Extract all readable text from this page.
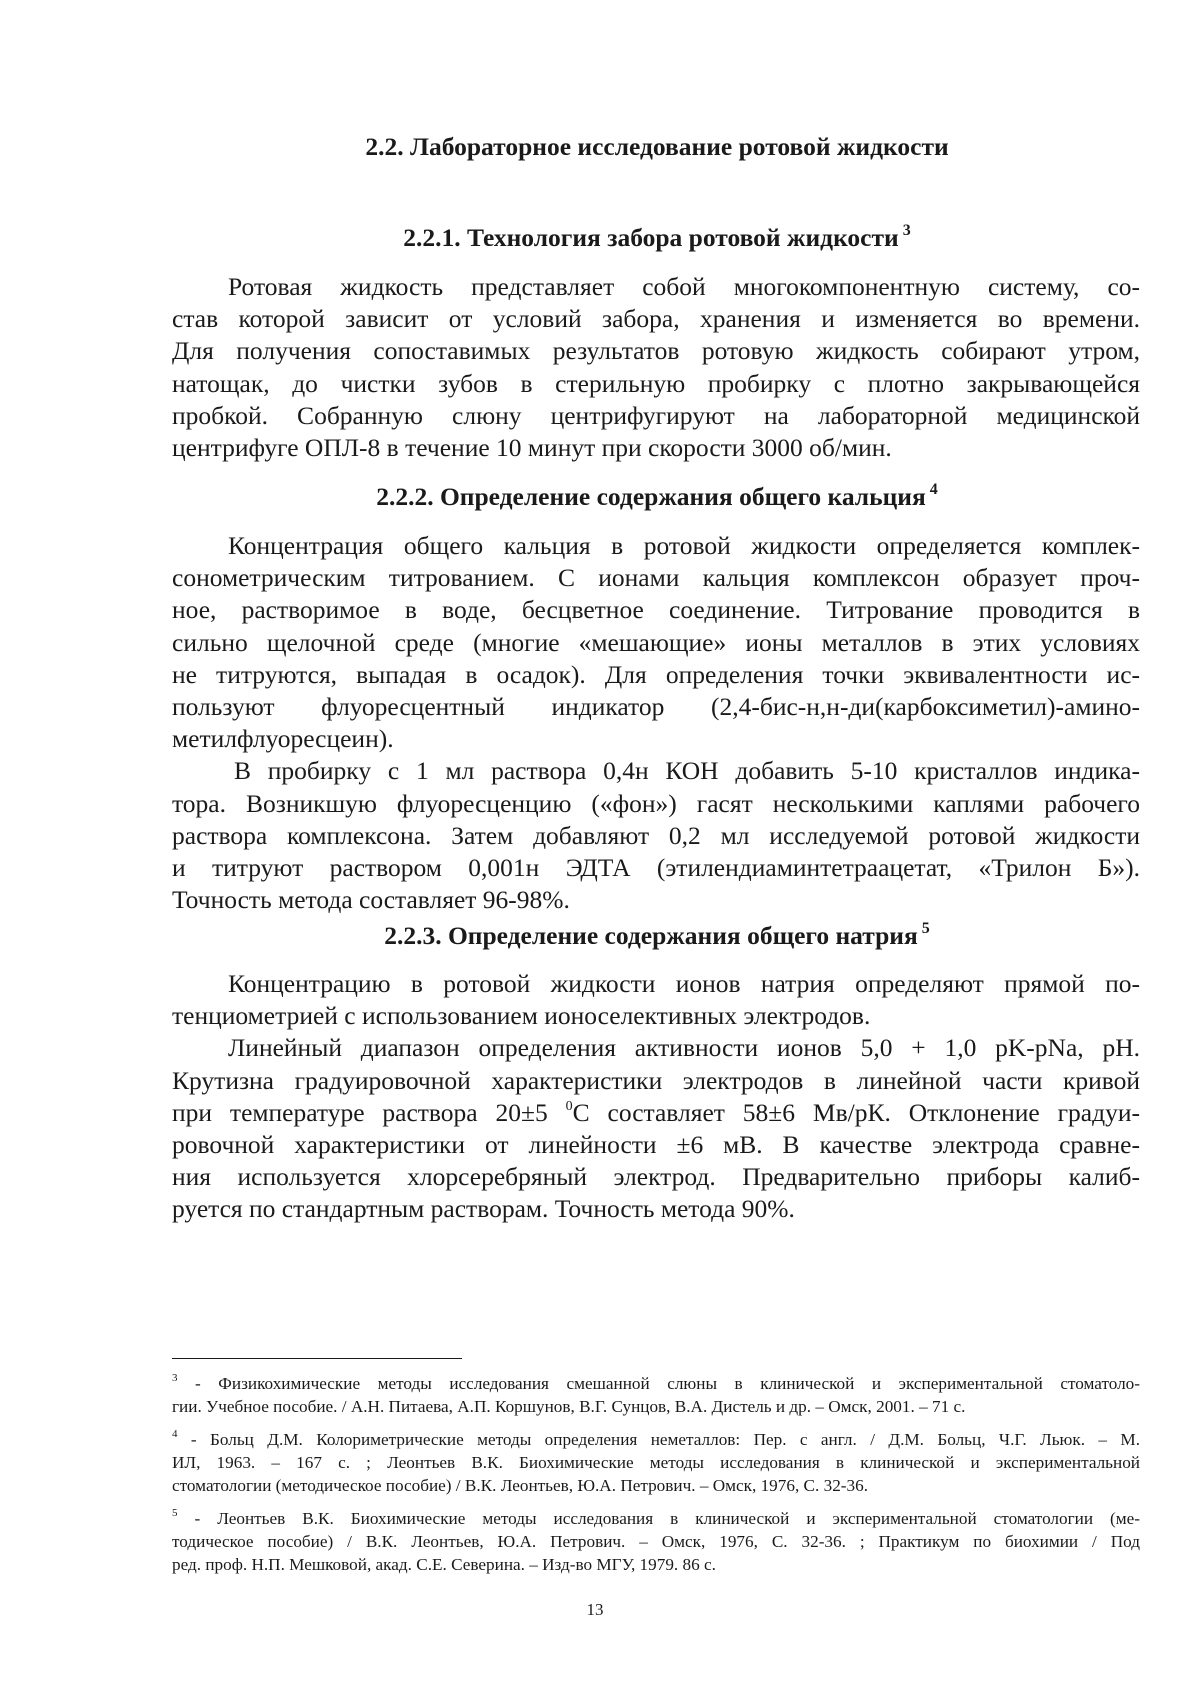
2.2. Лабораторное исследование ротовой жидкости
2.2.1. Технология забора ротовой жидкости $^3$
Ротовая жидкость представляет собой многокомпонентную систему, со-
став которой зависит от условий забора, хранения и изменяется во времени.
Для получения сопоставимых результатов ротовую жидкость собирают утром,
натощак, до чистки зубов в стерильную пробирку с плотно закрывающейся
пробкой. Собранную слюну центрифугируют на лабораторной медицинской
центрифуге ОПЛ-8 в течение 10 минут при скорости 3000 об/мин.
2.2.2. Определение содержания общего кальция $^4$
Концентрация общего кальция в ротовой жидкости определяется комплек-
сонометрическим титрованием. С ионами кальция комплексон образует проч-
ное, растворимое в воде, бесцветное соединение. Титрование проводится в
сильно щелочной среде (многие «мешающие» ионы металлов в этих условиях
не титруются, выпадая в осадок). Для определения точки эквивалентности ис-
пользуют флуоресцентный индикатор (2,4-бис-н,н-ди(карбоксиметил)-амино-
метилфлуоресцеин).
В пробирку с 1 мл раствора 0,4н КОН добавить 5-10 кристаллов индика-
тора. Возникшую флуоресценцию («фон») гасят несколькими каплями рабочего
раствора комплексона. Затем добавляют 0,2 мл исследуемой ротовой жидкости
и титруют раствором 0,001н ЭДТА (этилендиаминтетраацетат, «Трилон Б»).
Точность метода составляет 96-98%.
2.2.3. Определение содержания общего натрия $^5$
Концентрацию в ротовой жидкости ионов натрия определяют прямой по-
тенциометрией с использованием ионоселективных электродов.
Линейный диапазон определения активности ионов 5,0 + 1,0 pK-pNa, pH.
Крутизна градуировочной характеристики электродов в линейной части кривой
при температуре раствора 20±5 $^0$С составляет 58±6 Мв/рК. Отклонение градуи-
ровочной характеристики от линейности ±6 мВ. В качестве электрода сравне-
ния используется хлорсеребряный электрод. Предварительно приборы калиб-
руется по стандартным растворам. Точность метода 90%.
$^3$ - Физикохимические методы исследования смешанной слюны в клинической и экспериментальной стоматоло-
гии. Учебное пособие. / А.Н. Питаева, А.П. Коршунов, В.Г. Сунцов, В.А. Дистель и др. – Омск, 2001. – 71 с.
$^4$ - Больц Д.М. Колориметрические методы определения неметаллов: Пер. с англ. / Д.М. Больц, Ч.Г. Льюк. – М.
ИЛ, 1963. – 167 с. ; Леонтьев В.К. Биохимические методы исследования в клинической и экспериментальной
стоматологии (методическое пособие) / В.К. Леонтьев, Ю.А. Петрович. – Омск, 1976, С. 32-36.
$^5$ - Леонтьев В.К. Биохимические методы исследования в клинической и экспериментальной стоматологии (ме-
тодическое пособие) / В.К. Леонтьев, Ю.А. Петрович. – Омск, 1976, С. 32-36. ; Практикум по биохимии / Под
ред. проф. Н.П. Мешковой, акад. С.Е. Северина. – Изд-во МГУ, 1979. 86 с.
13
